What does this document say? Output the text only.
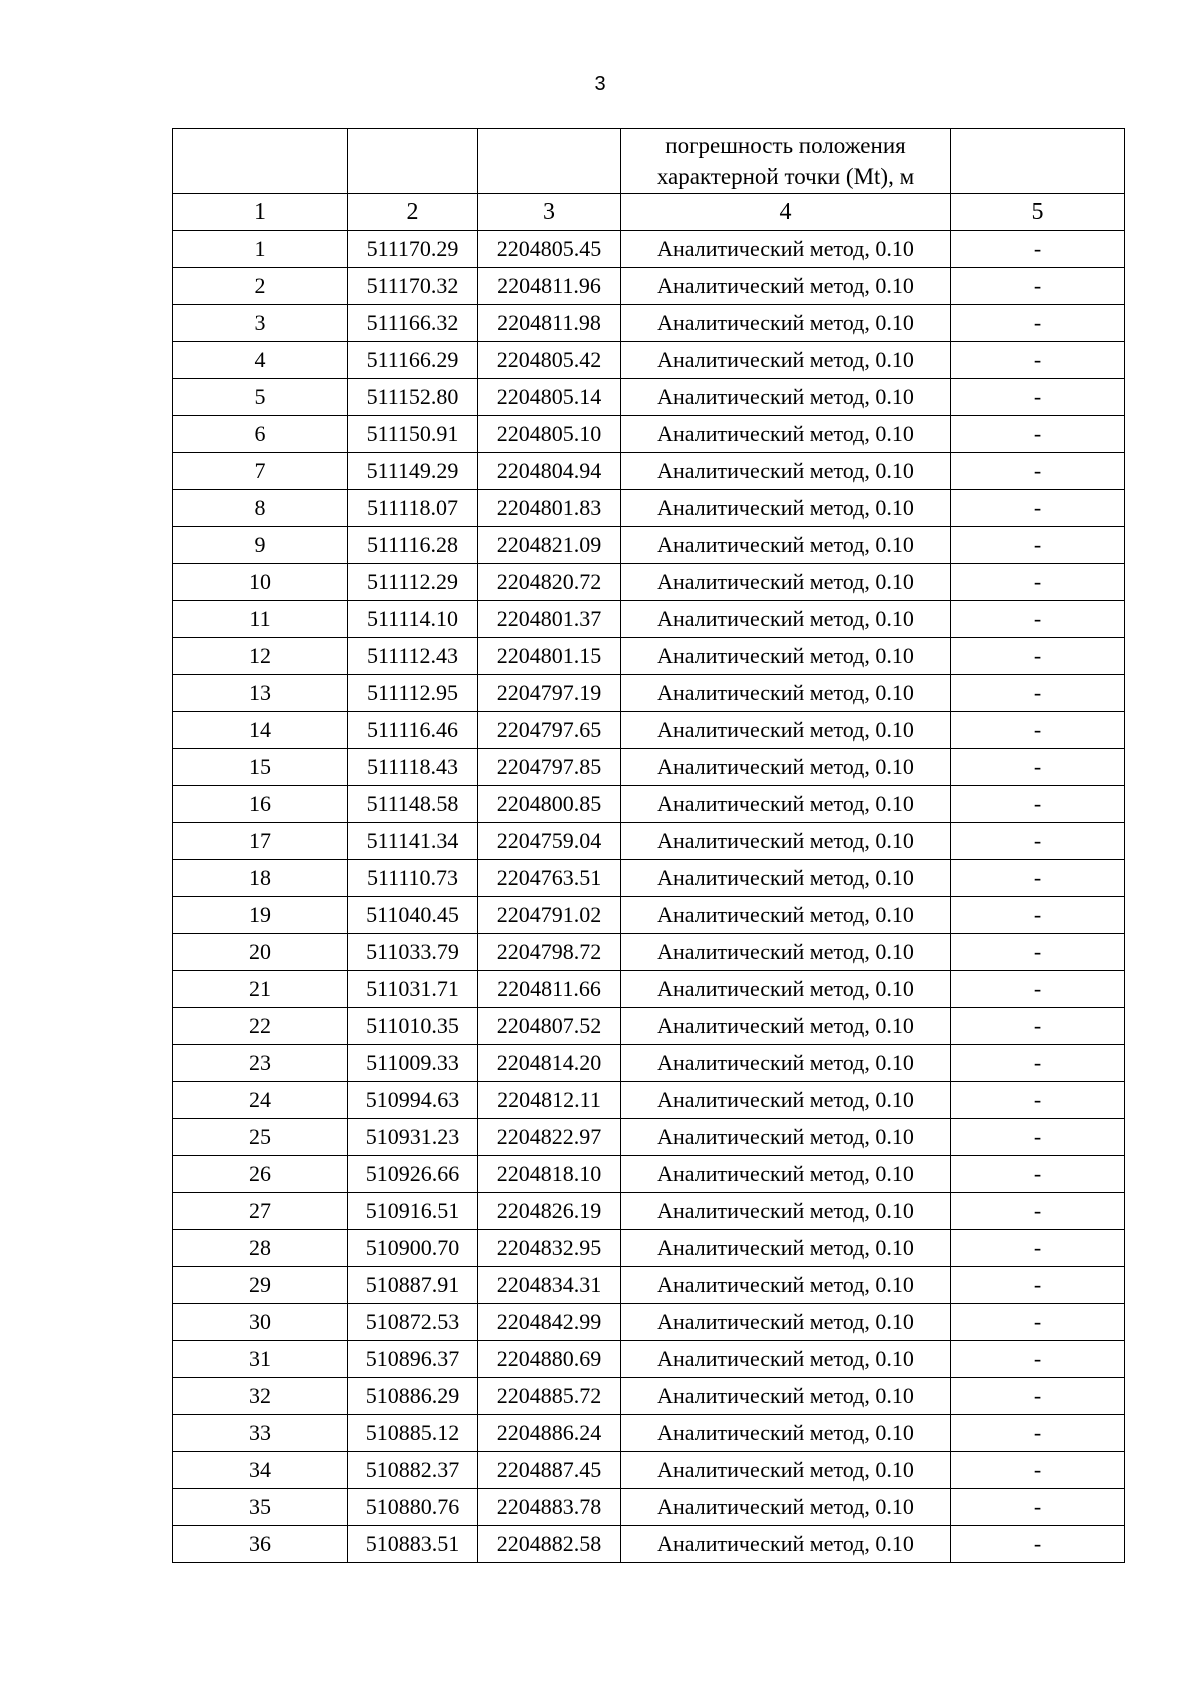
3
			погрешность положения характерной точки (Mt), м	
1	2	3	4	5
1	511170.29	2204805.45	Аналитический метод, 0.10	-
2	511170.32	2204811.96	Аналитический метод, 0.10	-
3	511166.32	2204811.98	Аналитический метод, 0.10	-
4	511166.29	2204805.42	Аналитический метод, 0.10	-
5	511152.80	2204805.14	Аналитический метод, 0.10	-
6	511150.91	2204805.10	Аналитический метод, 0.10	-
7	511149.29	2204804.94	Аналитический метод, 0.10	-
8	511118.07	2204801.83	Аналитический метод, 0.10	-
9	511116.28	2204821.09	Аналитический метод, 0.10	-
10	511112.29	2204820.72	Аналитический метод, 0.10	-
11	511114.10	2204801.37	Аналитический метод, 0.10	-
12	511112.43	2204801.15	Аналитический метод, 0.10	-
13	511112.95	2204797.19	Аналитический метод, 0.10	-
14	511116.46	2204797.65	Аналитический метод, 0.10	-
15	511118.43	2204797.85	Аналитический метод, 0.10	-
16	511148.58	2204800.85	Аналитический метод, 0.10	-
17	511141.34	2204759.04	Аналитический метод, 0.10	-
18	511110.73	2204763.51	Аналитический метод, 0.10	-
19	511040.45	2204791.02	Аналитический метод, 0.10	-
20	511033.79	2204798.72	Аналитический метод, 0.10	-
21	511031.71	2204811.66	Аналитический метод, 0.10	-
22	511010.35	2204807.52	Аналитический метод, 0.10	-
23	511009.33	2204814.20	Аналитический метод, 0.10	-
24	510994.63	2204812.11	Аналитический метод, 0.10	-
25	510931.23	2204822.97	Аналитический метод, 0.10	-
26	510926.66	2204818.10	Аналитический метод, 0.10	-
27	510916.51	2204826.19	Аналитический метод, 0.10	-
28	510900.70	2204832.95	Аналитический метод, 0.10	-
29	510887.91	2204834.31	Аналитический метод, 0.10	-
30	510872.53	2204842.99	Аналитический метод, 0.10	-
31	510896.37	2204880.69	Аналитический метод, 0.10	-
32	510886.29	2204885.72	Аналитический метод, 0.10	-
33	510885.12	2204886.24	Аналитический метод, 0.10	-
34	510882.37	2204887.45	Аналитический метод, 0.10	-
35	510880.76	2204883.78	Аналитический метод, 0.10	-
36	510883.51	2204882.58	Аналитический метод, 0.10	-
